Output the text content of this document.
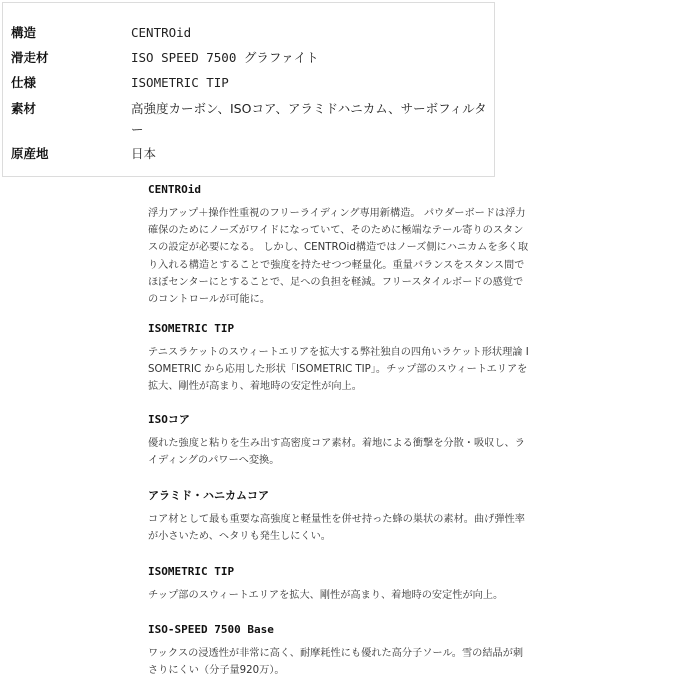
構造	CENTROid
滑走材	ISO SPEED 7500 グラファイト
仕様	ISOMETRIC TIP
素材	高強度カーボン、ISOコア、アラミドハニカム、サーボフィルター
原産地	日本
CENTROid
浮力アップ＋操作性重視のフリーライディング専用新構造。 パウダーボードは浮力確保のためにノーズがワイドになっていて、そのために極端なテール寄りのスタンスの設定が必要になる。 しかし、CENTROid構造ではノーズ側にハニカムを多く取り入れる構造とすることで強度を持たせつつ軽量化。重量バランスをスタンス間でほぼセンターにとすることで、足への負担を軽減。フリースタイルボードの感覚でのコントロールが可能に。
ISOMETRIC TIP
テニスラケットのスウィートエリアを拡大する弊社独自の四角いラケット形状理論 ISOMETRIC から応用した形状「ISOMETRIC TIP」。チップ部のスウィートエリアを拡大、剛性が高まり、着地時の安定性が向上。
ISOコア
優れた強度と粘りを生み出す高密度コア素材。着地による衝撃を分散・吸収し、ライディングのパワーへ変換。
アラミド・ハニカムコア
コア材として最も重要な高強度と軽量性を併せ持った蜂の巣状の素材。曲げ弾性率が小さいため、ヘタリも発生しにくい。
ISOMETRIC TIP
チップ部のスウィートエリアを拡大、剛性が高まり、着地時の安定性が向上。
ISO-SPEED 7500 Base
ワックスの浸透性が非常に高く、耐摩耗性にも優れた高分子ソール。雪の結晶が刺さりにくい（分子量920万）。
